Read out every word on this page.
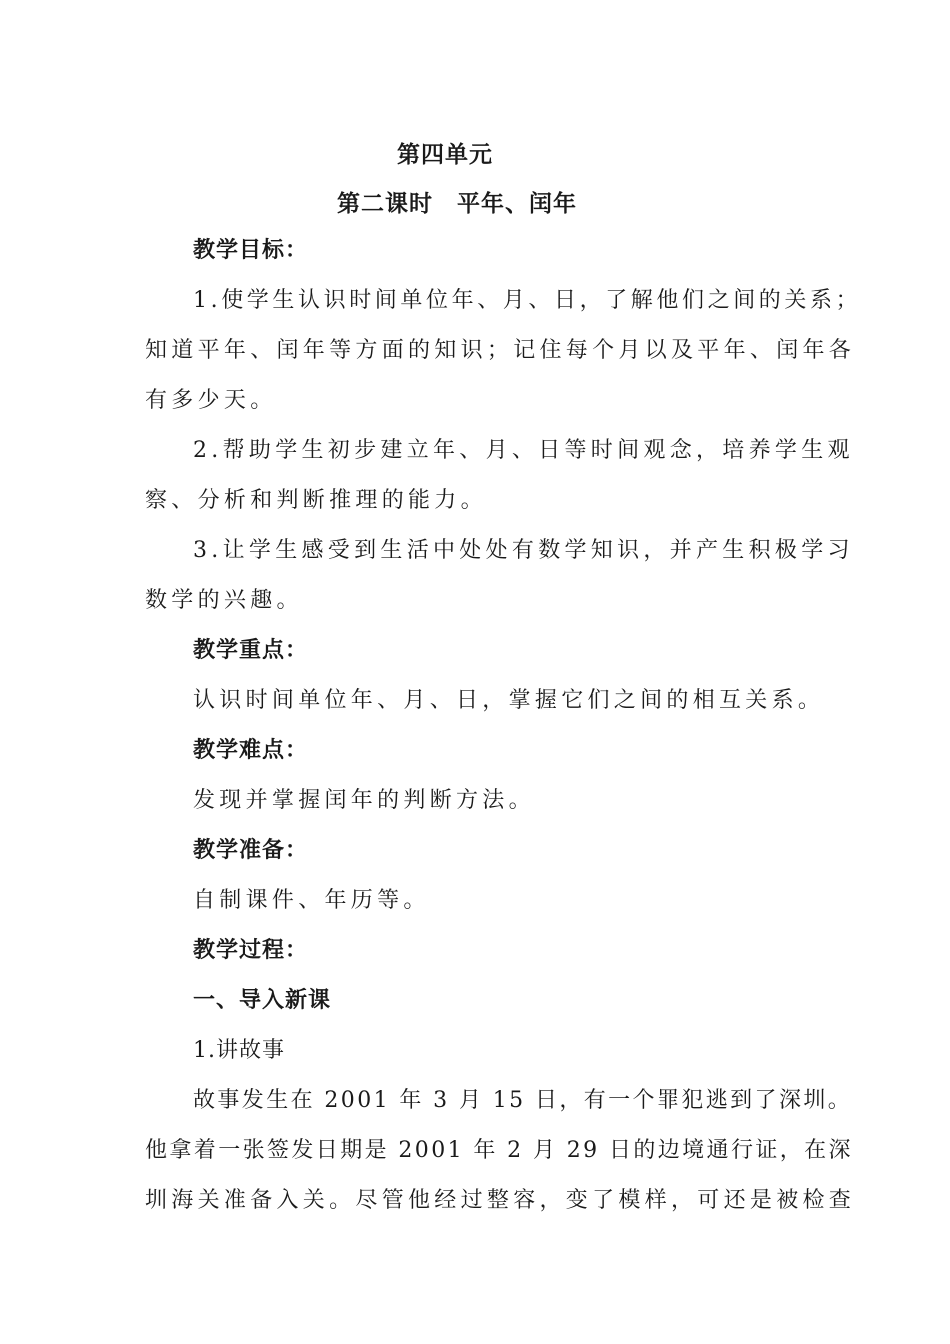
第四单元
第二课时　平年、闰年
教学目标：
1.使学生认识时间单位年、月、日，了解他们之间的关系；
知道平年、闰年等方面的知识；记住每个月以及平年、闰年各
有多少天。
2.帮助学生初步建立年、月、日等时间观念，培养学生观
察、分析和判断推理的能力。
3.让学生感受到生活中处处有数学知识，并产生积极学习
数学的兴趣。
教学重点：
认识时间单位年、月、日，掌握它们之间的相互关系。
教学难点：
发现并掌握闰年的判断方法。
教学准备：
自制课件、年历等。
教学过程：
一、导入新课
1.讲故事
故事发生在 2001 年 3 月 15 日，有一个罪犯逃到了深圳。
他拿着一张签发日期是 2001 年 2 月 29 日的边境通行证，在深
圳海关准备入关。尽管他经过整容，变了模样，可还是被检查
